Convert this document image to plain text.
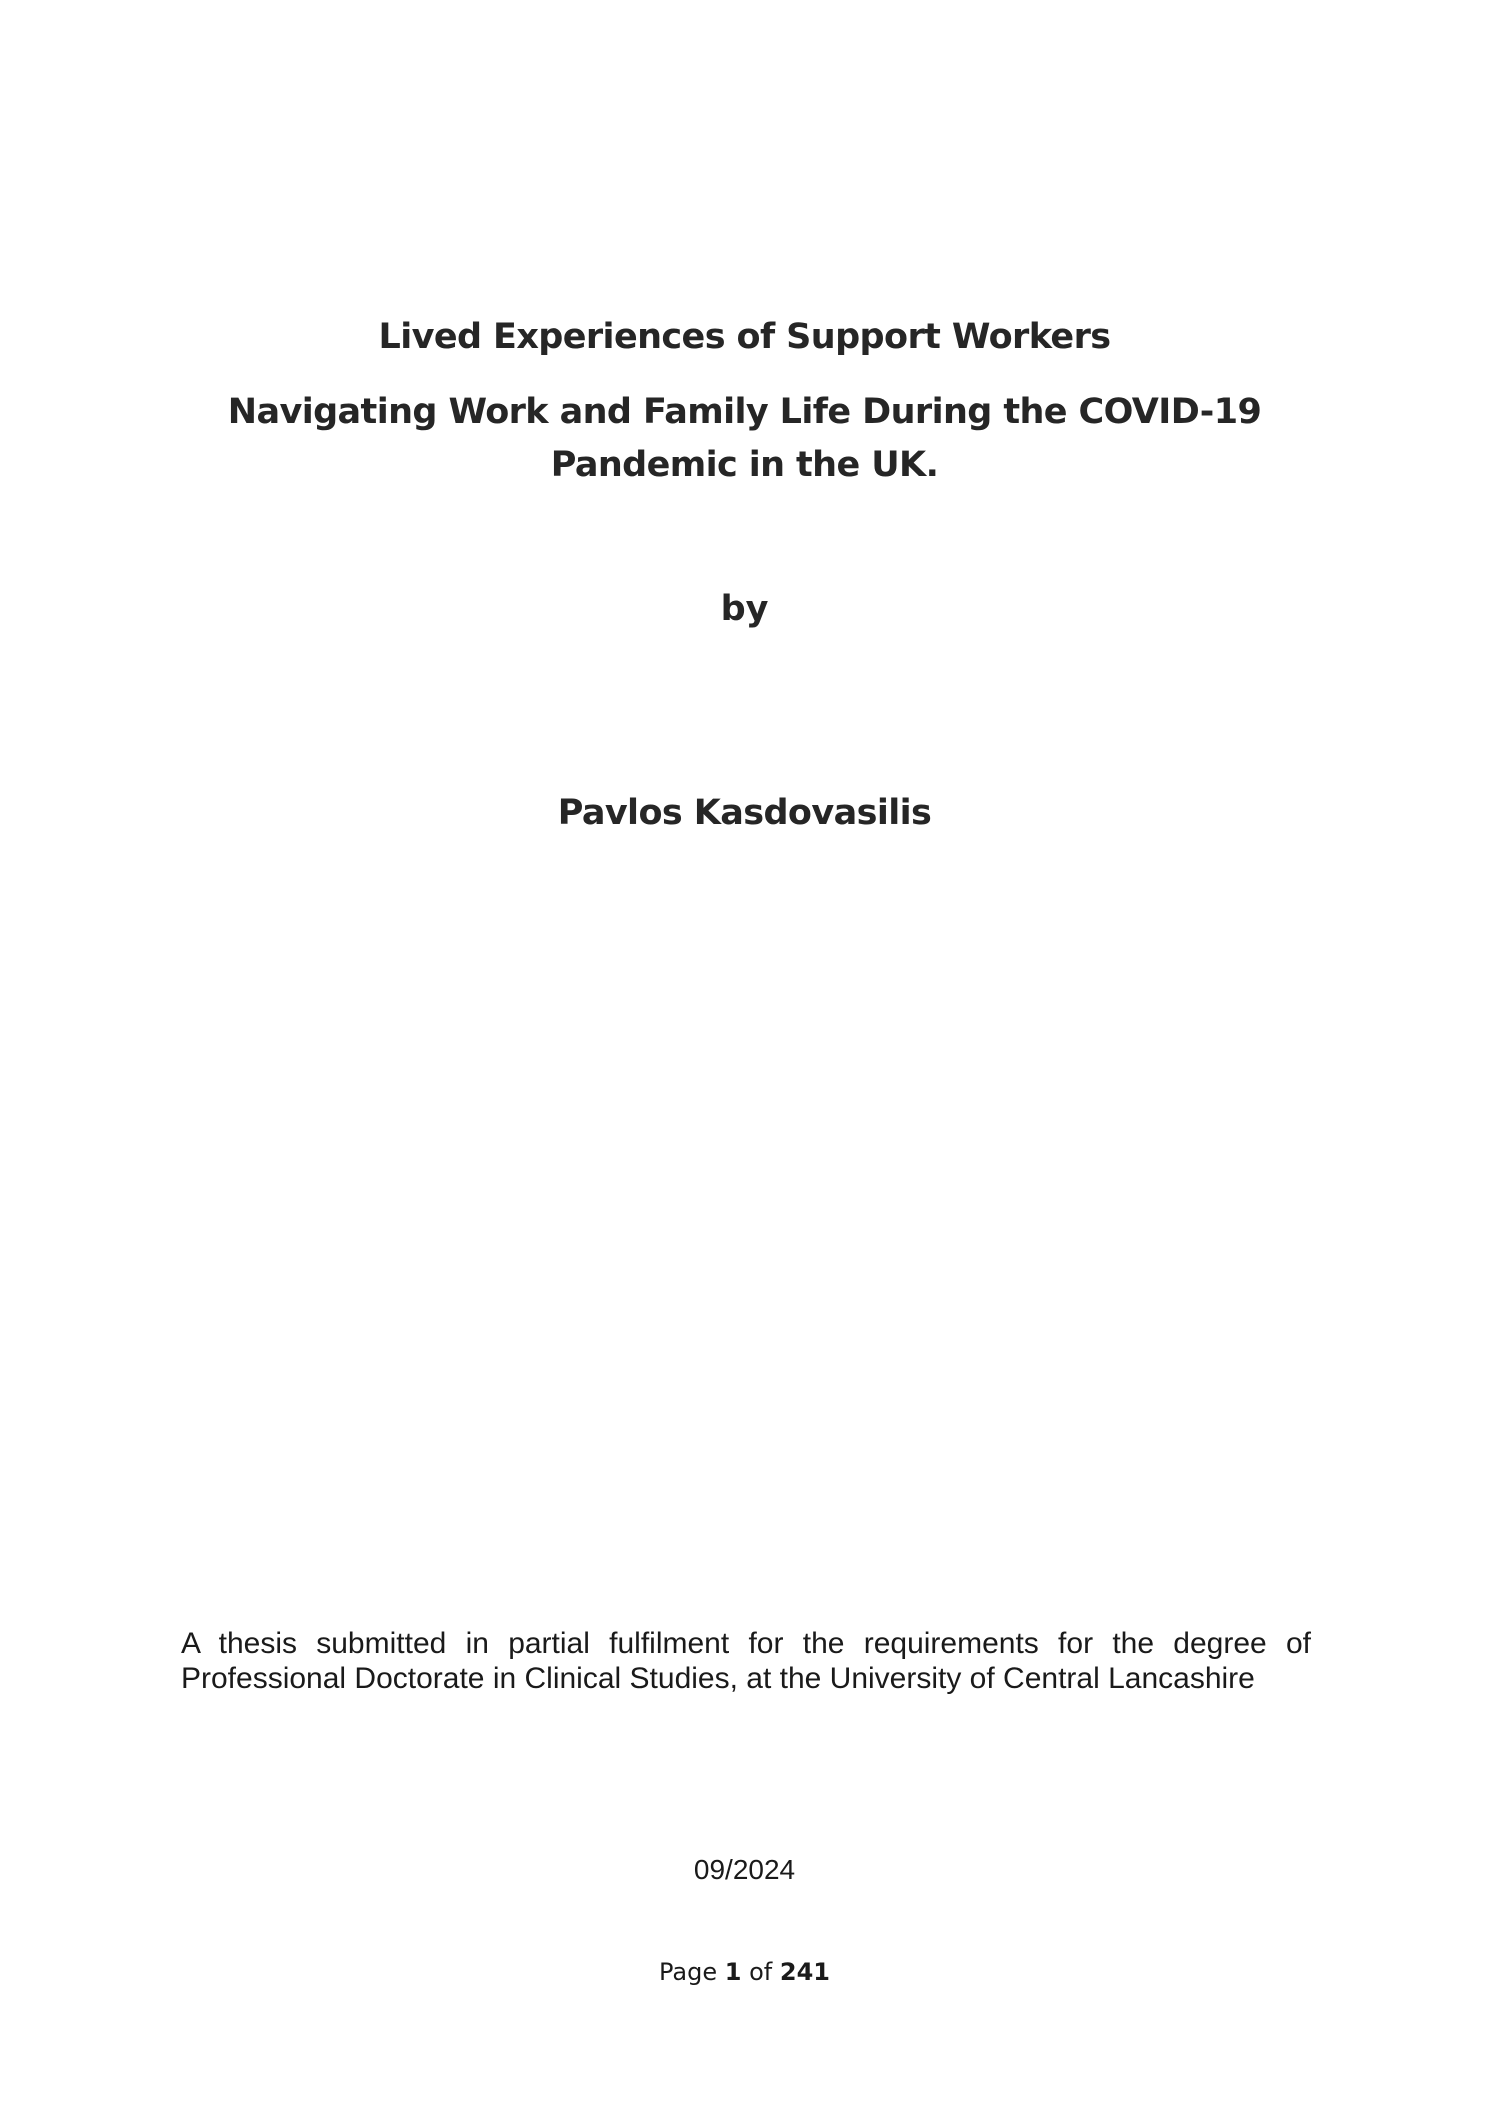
Lived Experiences of Support Workers
Navigating Work and Family Life During the COVID-19 Pandemic in the UK.
by
Pavlos Kasdovasilis
A thesis submitted in partial fulfilment for the requirements for the degree of Professional Doctorate in Clinical Studies, at the University of Central Lancashire
09/2024
Page 1 of 241
